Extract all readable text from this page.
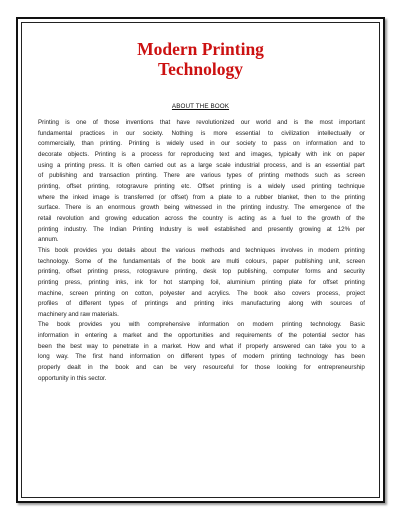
Modern Printing
Technology
ABOUT THE BOOK
Printing is one of those inventions that have revolutionized our world and is the most important
fundamental practices in our society. Nothing is more essential to civilization intellectually or
commercially, than printing. Printing is widely used in our society to pass on information and to
decorate objects. Printing is a process for reproducing text and images, typically with ink on paper
using a printing press. It is often carried out as a large scale industrial process, and is an essential part
of publishing and transaction printing. There are various types of printing methods such as screen
printing, offset printing, rotogravure printing etc. Offset printing is a widely used printing technique
where the inked image is transferred (or offset) from a plate to a rubber blanket, then to the printing
surface. There is an enormous growth being witnessed in the printing industry. The emergence of the
retail revolution and growing education across the country is acting as a fuel to the growth of the
printing industry. The Indian Printing Industry is well established and presently growing at 12% per
annum.
This book provides you details about the various methods and techniques involves in modern printing
technology. Some of the fundamentals of the book are multi colours, paper publishing unit, screen
printing, offset printing press, rotogravure printing, desk top publishing, computer forms and security
printing press, printing inks, ink for hot stamping foil, aluminium printing plate for offset printing
machine, screen printing on cotton, polyester and acrylics. The book also covers process, project
profiles of different types of printings and printing inks manufacturing along with sources of
machinery and raw materials.
The book provides you with comprehensive information on modern printing technology. Basic
information in entering a market and the opportunities and requirements of the potential sector has
been the best way to penetrate in a market. How and what if properly answered can take you to a
long way. The first hand information on different types of modern printing technology has been
properly dealt in the book and can be very resourceful for those looking for entrepreneurship
opportunity in this sector.
